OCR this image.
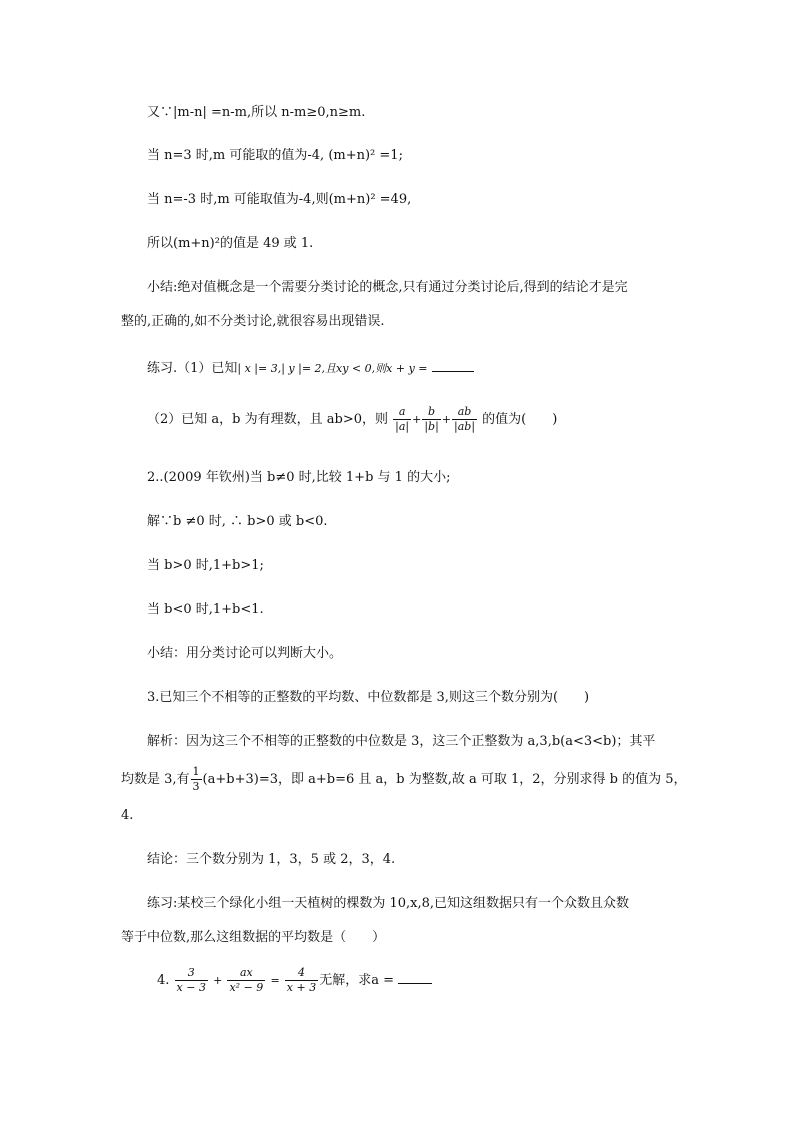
又∵|m-n| =n-m,所以 n-m≥0,n≥m.
当 n=3 时,m 可能取的值为-4, (m+n)² =1;
当 n=-3 时,m 可能取值为-4,则(m+n)² =49,
所以(m+n)²的值是 49 或 1.
小结:绝对值概念是一个需要分类讨论的概念,只有通过分类讨论后,得到的结论才是完
整的,正确的,如不分类讨论,就很容易出现错误.
练习.（1）已知| x |= 3,| y |= 2,且xy < 0,则x + y =
（2）已知 a，b 为有理数，且 ab>0，则 $\frac{a}{|a|} + \frac{b}{|b|} + \frac{ab}{|ab|}$ 的值为(　　)
2..(2009 年钦州)当 b≠0 时,比较 1+b 与 1 的大小;
解∵b ≠0 时, ∴ b>0 或 b<0.
当 b>0 时,1+b>1;
当 b<0 时,1+b<1.
小结：用分类讨论可以判断大小。
3.已知三个不相等的正整数的平均数、中位数都是 3,则这三个数分别为(　　)
解析：因为这三个不相等的正整数的中位数是 3，这三个正整数为 a,3,b(a<3<b)；其平
均数是 3,有 $\frac{1}{3} (a+b+3)=3$，即 a+b=6 且 a，b 为整数,故 a 可取 1，2，分别求得 b 的值为 5，
4.
结论：三个数分别为 1，3，5 或 2，3，4.
练习:某校三个绿化小组一天植树的棵数为 10,x,8,已知这组数据只有一个众数且众数
等于中位数,那么这组数据的平均数是（　　）
4. $\frac{3}{x - 3} + \frac{ax}{\text{x² − 9}} = \frac{4}{x + 3}$ 无解，求a =
